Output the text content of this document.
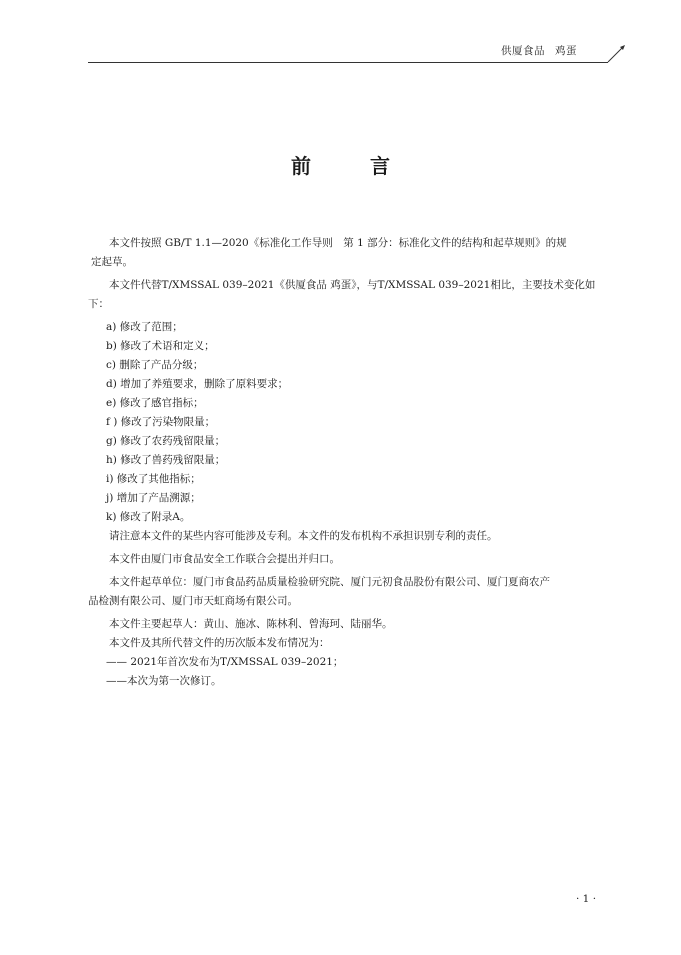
供厦食品 鸡蛋
前 言

本文件按照 GB/T 1.1—2020《标准化工作导则　第 1 部分：标准化文件的结构和起草规则》的规

定起草。

本文件代替T/XMSSAL 039–2021《供厦食品 鸡蛋》，与T/XMSSAL 039–2021相比，主要技术变化如

下：

a) 修改了范围；
b) 修改了术语和定义；
c) 删除了产品分级；
d) 增加了养殖要求，删除了原料要求；
e) 修改了感官指标；
f ) 修改了污染物限量；
g) 修改了农药残留限量；
h) 修改了兽药残留限量；
i) 修改了其他指标；
j) 增加了产品溯源；
k) 修改了附录A。

请注意本文件的某些内容可能涉及专利。本文件的发布机构不承担识别专利的责任。

本文件由厦门市食品安全工作联合会提出并归口。

本文件起草单位：厦门市食品药品质量检验研究院、厦门元初食品股份有限公司、厦门夏商农产

品检测有限公司、厦门市天虹商场有限公司。

本文件主要起草人：黄山、施冰、陈林利、曾海珂、陆丽华。

本文件及其所代替文件的历次版本发布情况为：

—— 2021年首次发布为T/XMSSAL 039–2021；

——本次为第一次修订。

· 1 ·
